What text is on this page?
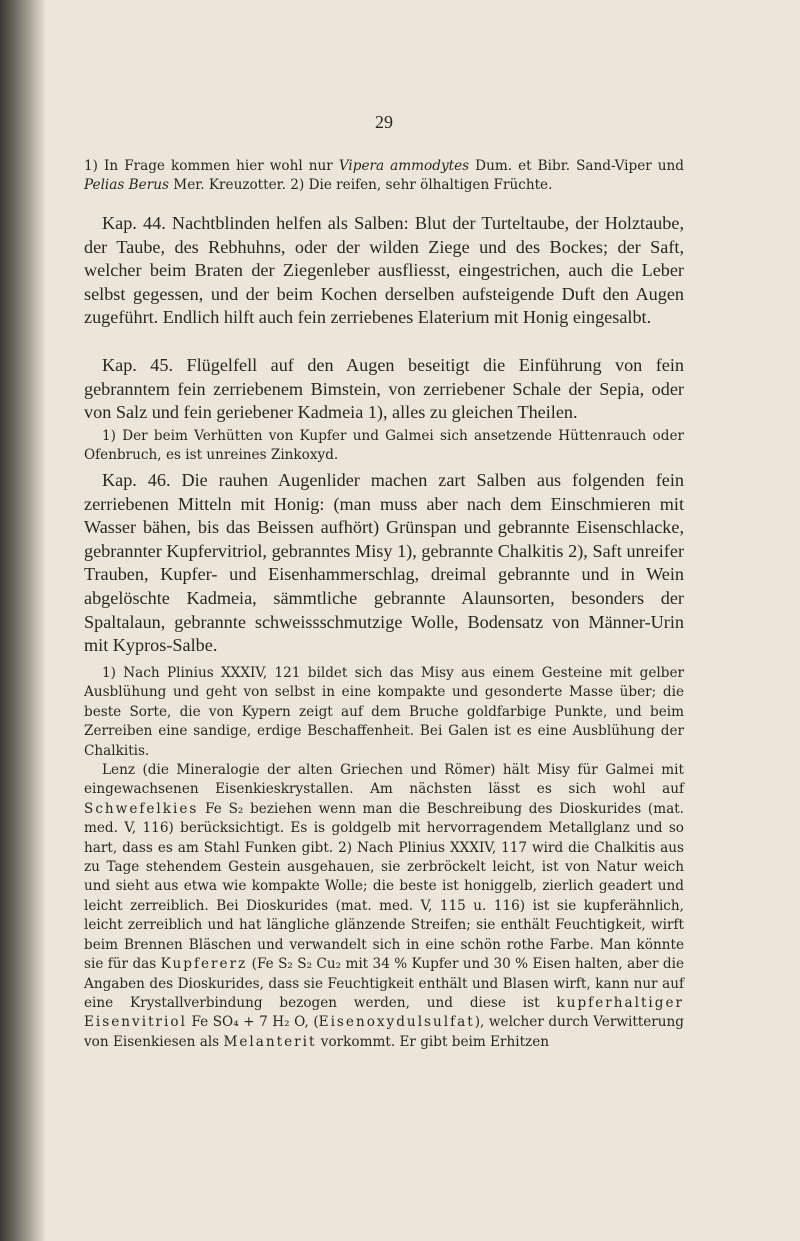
29

1) In Frage kommen hier wohl nur Vipera ammodytes Dum. et Bibr. Sand-Viper und Pelias Berus Mer. Kreuzotter. 2) Die reifen, sehr ölhaltigen Früchte.

Kap. 44. Nachtblinden helfen als Salben: Blut der Turteltaube, der Holztaube, der Taube, des Rebhuhns, oder der wilden Ziege und des Bockes; der Saft, welcher beim Braten der Ziegenleber ausfliesst, eingestrichen, auch die Leber selbst gegessen, und der beim Kochen derselben aufsteigende Duft den Augen zugeführt. Endlich hilft auch fein zerriebenes Elaterium mit Honig eingesalbt.

Kap. 45. Flügelfell auf den Augen beseitigt die Einführung von fein gebranntem fein zerriebenem Bimstein, von zerriebener Schale der Sepia, oder von Salz und fein geriebener Kadmeia 1), alles zu gleichen Theilen.

1) Der beim Verhütten von Kupfer und Galmei sich ansetzende Hüttenrauch oder Ofenbruch, es ist unreines Zinkoxyd.

Kap. 46. Die rauhen Augenlider machen zart Salben aus folgenden fein zerriebenen Mitteln mit Honig: (man muss aber nach dem Einschmieren mit Wasser bähen, bis das Beissen aufhört) Grünspan und gebrannte Eisenschlacke, gebrannter Kupfervitriol, gebranntes Misy 1), gebrannte Chalkitis 2), Saft unreifer Trauben, Kupfer- und Eisenhammerschlag, dreimal gebrannte und in Wein abgelöschte Kadmeia, sämmtliche gebrannte Alaunsorten, besonders der Spaltalaun, gebrannte schweissschmutzige Wolle, Bodensatz von Männer-Urin mit Kypros-Salbe.

1) Nach Plinius XXXIV, 121 bildet sich das Misy aus einem Gesteine mit gelber Ausblühung und geht von selbst in eine kompakte und gesonderte Masse über; die beste Sorte, die von Kypern zeigt auf dem Bruche goldfarbige Punkte, und beim Zerreiben eine sandige, erdige Beschaffenheit. Bei Galen ist es eine Ausblühung der Chalkitis.

Lenz (die Mineralogie der alten Griechen und Römer) hält Misy für Galmei mit eingewachsenen Eisenkieskrystallen. Am nächsten lässt es sich wohl auf Schwefelkies Fe S₂ beziehen wenn man die Beschreibung des Dioskurides (mat. med. V, 116) berücksichtigt. Es is goldgelb mit hervorragendem Metallglanz und so hart, dass es am Stahl Funken gibt. 2) Nach Plinius XXXIV, 117 wird die Chalkitis aus zu Tage stehendem Gestein ausgehauen, sie zerbröckelt leicht, ist von Natur weich und sieht aus etwa wie kompakte Wolle; die beste ist honiggelb, zierlich geadert und leicht zerreiblich. Bei Dioskurides (mat. med. V, 115 u. 116) ist sie kupferähnlich, leicht zerreiblich und hat längliche glänzende Streifen; sie enthält Feuchtigkeit, wirft beim Brennen Bläschen und verwandelt sich in eine schön rothe Farbe. Man könnte sie für das Kupfererz (Fe S₂ S₂ Cu₂ mit 34 % Kupfer und 30 % Eisen halten, aber die Angaben des Dioskurides, dass sie Feuchtigkeit enthält und Blasen wirft, kann nur auf eine Krystallverbindung bezogen werden, und diese ist kupferhaltiger Eisenvitriol Fe SO₄ + 7 H₂ O, (Eisenoxydulsulfat), welcher durch Verwitterung von Eisenkiesen als Melanterit vorkommt. Er gibt beim Erhitzen
